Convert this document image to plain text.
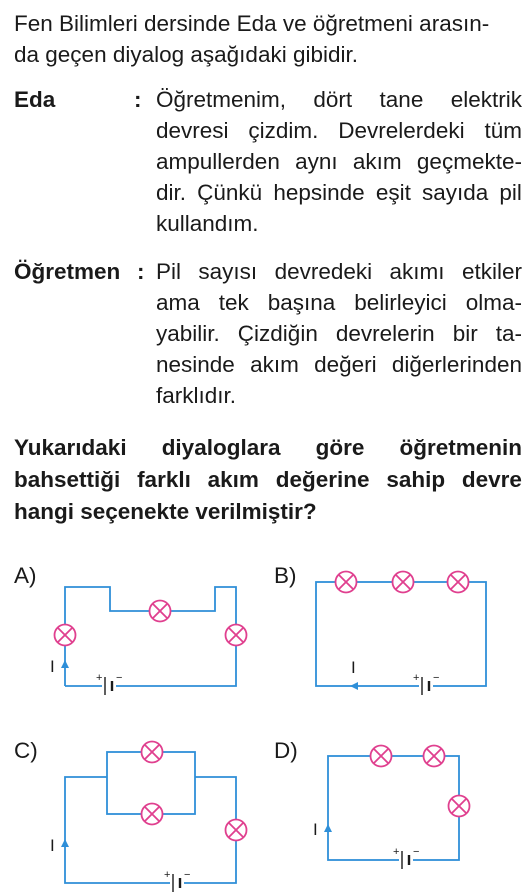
Fen Bilimleri dersinde Eda ve öğretmeni arasın-
da geçen diyalog aşağıdaki gibidir.
Eda	: Öğretmenim, dört tane elektrik
devresi çizdim. Devrelerdeki tüm
ampullerden aynı akım geçmekte-
dir. Çünkü hepsinde eşit sayıda pil
kullandım.
Öğretmen : Pil sayısı devredeki akımı etkiler
ama tek başına belirleyici olma-
yabilir. Çizdiğin devrelerin bir ta-
nesinde akım değeri diğerlerinden
farklıdır.
Yukarıdaki diyaloglara göre öğretmenin
bahsettiği farklı akım değerine sahip devre
hangi seçenekte verilmiştir?
A)	B)
C)	D)
I
+ −
I
+ −
I
+ −
I
+ −
